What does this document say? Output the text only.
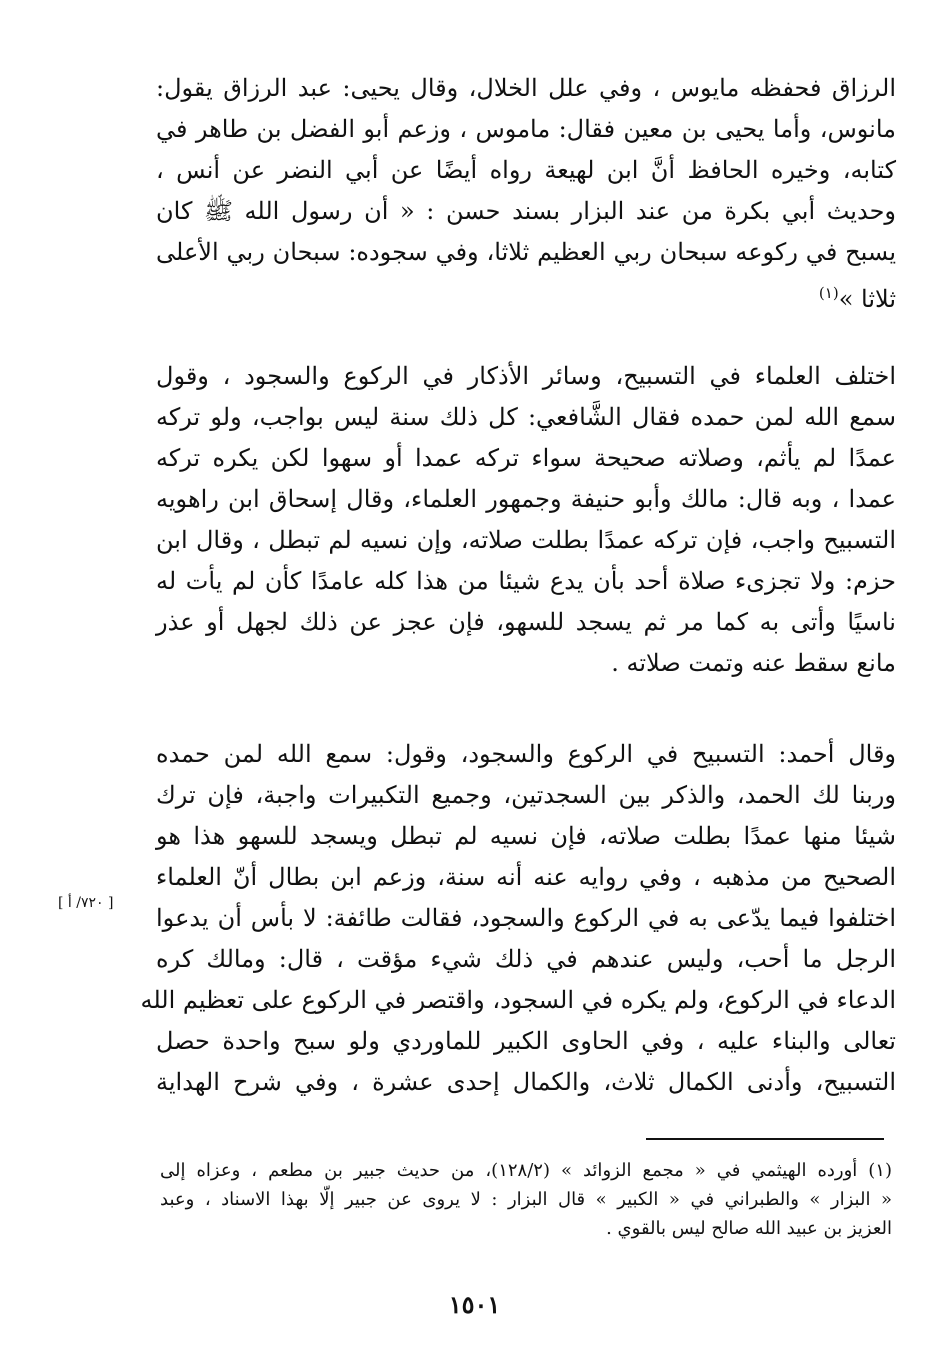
الرزاق فحفظه مايوس ، وفي علل الخلال، وقال يحيى: عبد الرزاق يقول:
مانوس، وأما يحيى بن معين فقال: ماموس ، وزعم أبو الفضل بن طاهر في
كتابه، وخيره الحافظ أنَّ ابن لهيعة رواه أيضًا عن أبي النضر عن أنس ،
وحديث أبي بكرة من عند البزار بسند حسن : « أن رسول الله ﷺ كان
يسبح في ركوعه سبحان ربي العظيم ثلاثا، وفي سجوده: سبحان ربي الأعلى
ثلاثا »$^{(١)}$

اختلف العلماء في التسبيح، وسائر الأذكار في الركوع والسجود ، وقول
سمع الله لمن حمده فقال الشَّافعي: كل ذلك سنة ليس بواجب، ولو تركه
عمدًا لم يأثم، وصلاته صحيحة سواء تركه عمدا أو سهوا لكن يكره تركه
عمدا ، وبه قال: مالك وأبو حنيفة وجمهور العلماء، وقال إسحاق ابن راهويه
التسبيح واجب، فإن تركه عمدًا بطلت صلاته، وإن نسيه لم تبطل ، وقال ابن
حزم: ولا تجزىء صلاة أحد بأن يدع شيئا من هذا كله عامدًا كأن لم يأت له
ناسيًا وأتى به كما مر ثم يسجد للسهو، فإن عجز عن ذلك لجهل أو عذر
مانع سقط عنه وتمت صلاته .

وقال أحمد: التسبيح في الركوع والسجود، وقول: سمع الله لمن حمده
وربنا لك الحمد، والذكر بين السجدتين، وجميع التكبيرات واجبة، فإن ترك
شيئا منها عمدًا بطلت صلاته، فإن نسيه لم تبطل ويسجد للسهو هذا هو
الصحيح من مذهبه ، وفي روايه عنه أنه سنة، وزعم ابن بطال أنّ العلماء
اختلفوا فيما يدّعى به في الركوع والسجود، فقالت طائفة: لا بأس أن يدعوا
الرجل ما أحب، وليس عندهم في ذلك شيء مؤقت ، قال: ومالك كره
الدعاء في الركوع، ولم يكره في السجود، واقتصر في الركوع على تعظيم الله
تعالى والبناء عليه ، وفي الحاوى الكبير للماوردي ولو سبح واحدة حصل
التسبيح، وأدنى الكمال ثلاث، والكمال إحدى عشرة ، وفي شرح الهداية

[ ٧٢٠/ أ ]
(١) أورده الهيثمي في « مجمع الزوائد » (١٢٨/٢)، من حديث جبير بن مطعم ، وعزاه إلى
« البزار » والطبراني في « الكبير » قال البزار : لا يروى عن جبير إلّا بهذا الاسناد ، وعبد
العزيز بن عبيد الله صالح ليس بالقوي .
١٥٠١
